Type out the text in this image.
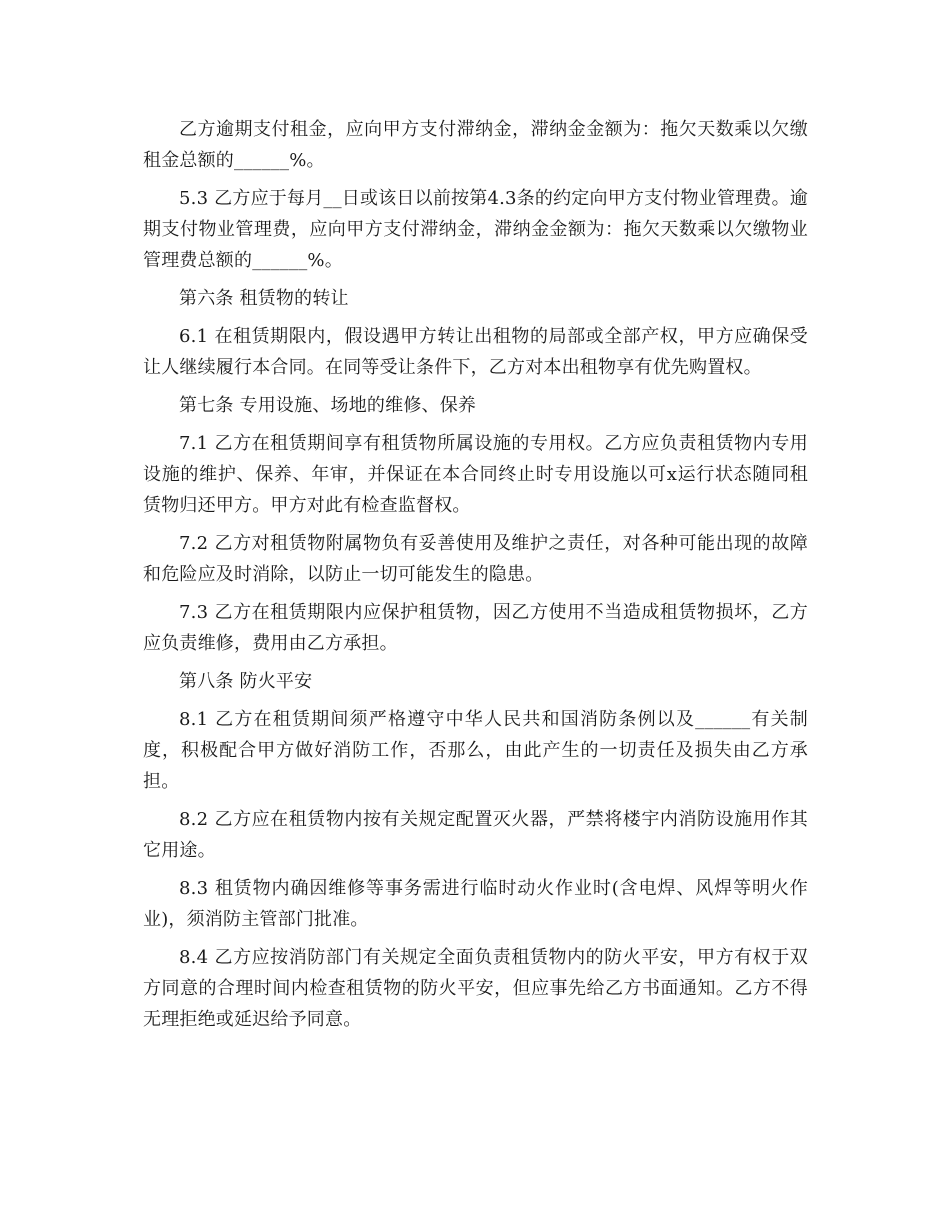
乙方逾期支付租金，应向甲方支付滞纳金，滞纳金金额为：拖欠天数乘以欠缴租金总额的______%。

5.3 乙方应于每月__日或该日以前按第4.3条的约定向甲方支付物业管理费。逾期支付物业管理费，应向甲方支付滞纳金，滞纳金金额为：拖欠天数乘以欠缴物业管理费总额的______%。

第六条 租赁物的转让

6.1 在租赁期限内，假设遇甲方转让出租物的局部或全部产权，甲方应确保受让人继续履行本合同。在同等受让条件下，乙方对本出租物享有优先购置权。

第七条 专用设施、场地的维修、保养

7.1 乙方在租赁期间享有租赁物所属设施的专用权。乙方应负责租赁物内专用设施的维护、保养、年审，并保证在本合同终止时专用设施以可x运行状态随同租赁物归还甲方。甲方对此有检查监督权。

7.2 乙方对租赁物附属物负有妥善使用及维护之责任，对各种可能出现的故障和危险应及时消除，以防止一切可能发生的隐患。

7.3 乙方在租赁期限内应保护租赁物，因乙方使用不当造成租赁物损坏，乙方应负责维修，费用由乙方承担。

第八条 防火平安

8.1 乙方在租赁期间须严格遵守中华人民共和国消防条例以及______有关制度，积极配合甲方做好消防工作，否那么，由此产生的一切责任及损失由乙方承担。

8.2 乙方应在租赁物内按有关规定配置灭火器，严禁将楼宇内消防设施用作其它用途。

8.3 租赁物内确因维修等事务需进行临时动火作业时(含电焊、风焊等明火作业)，须消防主管部门批准。

8.4 乙方应按消防部门有关规定全面负责租赁物内的防火平安，甲方有权于双方同意的合理时间内检查租赁物的防火平安，但应事先给乙方书面通知。乙方不得无理拒绝或延迟给予同意。
